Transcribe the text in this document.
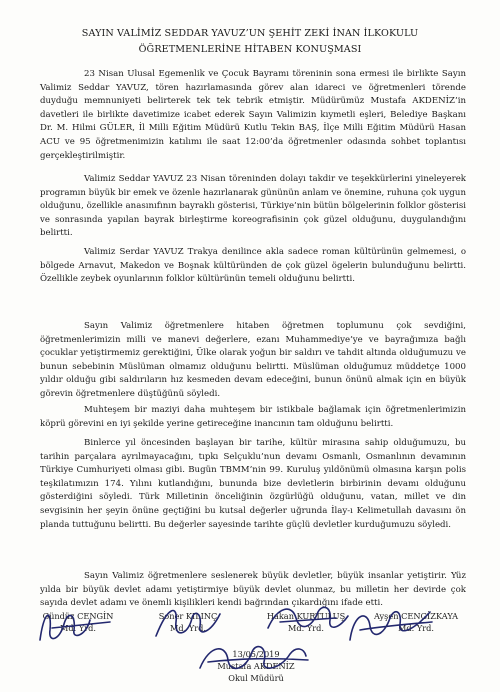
SAYIN VALİMİZ SEDDAR YAVUZ’UN ŞEHİT ZEKİ İNAN İLKOKULU
ÖĞRETMENLERİNE HİTABEN KONUŞMASI

23 Nisan Ulusal Egemenlik ve Çocuk Bayramı töreninin sona ermesi ile birlikte Sayın Valimiz Seddar YAVUZ, tören hazırlamasında görev alan idareci ve öğretmenleri törende duyduğu memnuniyeti belirterek tek tek tebrik etmiştir. Müdürümüz Mustafa AKDENİZ’in davetleri ile birlikte davetimize icabet ederek Sayın Valimizin kıymetli eşleri, Belediye Başkanı Dr. M. Hilmi GÜLER, İl Milli Eğitim Müdürü Kutlu Tekin BAŞ, İlçe Milli Eğitim Müdürü Hasan ACU ve 95 öğretmenimizin katılımı ile saat 12:00’da öğretmenler odasında sohbet toplantısı gerçekleştirilmiştir.

Valimiz Seddar YAVUZ 23 Nisan töreninden dolayı takdir ve teşekkürlerini yineleyerek programın büyük bir emek ve özenle hazırlanarak gününün anlam ve önemine, ruhuna çok uygun olduğunu, özellikle anasınıfının bayraklı gösterisi, Türkiye’nin bütün bölgelerinin folklor gösterisi ve sonrasında yapılan bayrak birleştirme koreografisinin çok güzel olduğunu, duygulandığını belirtti.

Valimiz Serdar YAVUZ Trakya denilince akla sadece roman kültürünün gelmemesi, o bölgede Arnavut, Makedon ve Boşnak kültüründen de çok güzel ögelerin bulunduğunu belirtti. Özellikle zeybek oyunlarının folklor kültürünün temeli olduğunu belirtti.

Sayın Valimiz öğretmenlere hitaben öğretmen toplumunu çok sevdiğini, öğretmenlerimizin milli ve manevi değerlere, ezanı Muhammediye’ye ve bayrağımıza bağlı çocuklar yetiştirmemiz gerektiğini, Ülke olarak yoğun bir saldırı ve tahdit altında olduğumuzu ve bunun sebebinin Müslüman olmamız olduğunu belirtti. Müslüman olduğumuz müddetçe 1000 yıldır olduğu gibi saldırıların hız kesmeden devam edeceğini, bunun önünü almak için en büyük görevin öğretmenlere düştüğünü söyledi.

Muhteşem bir maziyi daha muhteşem bir istikbale bağlamak için öğretmenlerimizin köprü görevini en iyi şekilde yerine getireceğine inancının tam olduğunu belirtti.

Binlerce yıl öncesinden başlayan bir tarihe, kültür mirasına sahip olduğumuzu, bu tarihin parçalara ayrılmayacağını, tıpkı Selçuklu’nun devamı Osmanlı, Osmanlının devamının Türkiye Cumhuriyeti olması gibi. Bugün TBMM’nin 99. Kuruluş yıldönümü olmasına karşın polis teşkilatımızın 174. Yılını kutlandığını, bununda bize devletlerin birbirinin devamı olduğunu gösterdiğini söyledi. Türk Milletinin önceliğinin özgürlüğü olduğunu, vatan, millet ve din sevgisinin her şeyin önüne geçtiğini bu kutsal değerler uğrunda İlay-ı Kelimetullah davasını ön planda tuttuğunu belirtti. Bu değerler sayesinde tarihte güçlü devletler kurduğumuzu söyledi.

Sayın Valimiz öğretmenlere seslenerek büyük devletler, büyük insanlar yetiştirir. Yüz yılda bir büyük devlet adamı yetiştirmiye büyük devlet olunmaz, bu milletin her devirde çok sayıda devlet adamı ve önemli kişilikleri kendi bağrından çıkardığını ifade etti.

Gündüz CENGİN
Md. Yrd.
Soner KILINÇ
Md. Yrd.
Hakan KURTULUŞ
Md. Yrd.
Ayşen CENGİZKAYA
Md. Yrd.
13/05/2019
Mustafa AKDENİZ
Okul Müdürü
